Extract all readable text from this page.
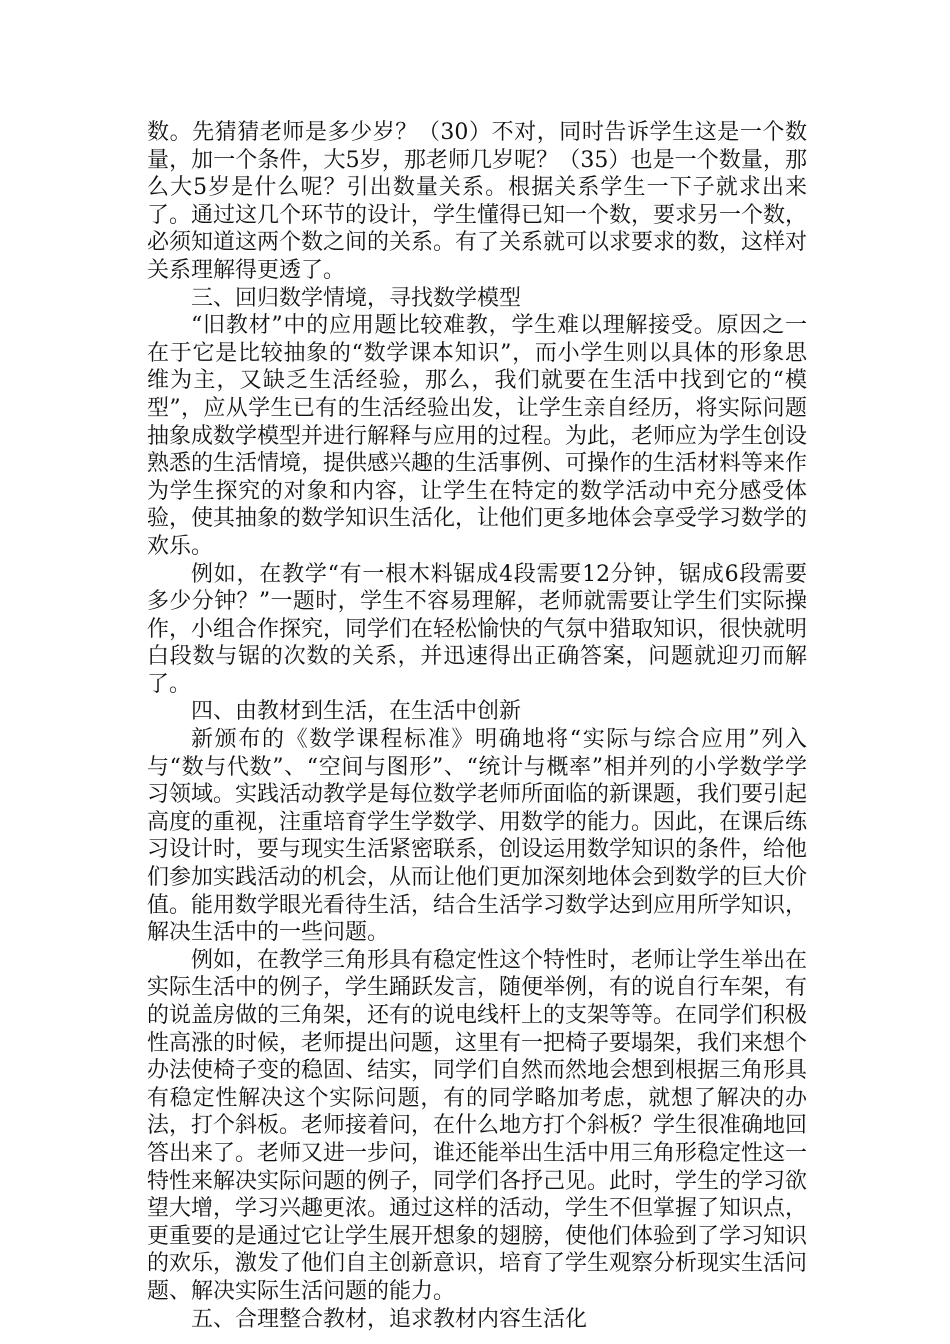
数。先猜猜老师是多少岁？（30）不对，同时告诉学生这是一个数量，加一个条件，大5岁，那老师几岁呢？（35）也是一个数量，那么大5岁是什么呢？引出数量关系。根据关系学生一下子就求出来了。通过这几个环节的设计，学生懂得已知一个数，要求另一个数，必须知道这两个数之间的关系。有了关系就可以求要求的数，这样对关系理解得更透了。

三、回归数学情境，寻找数学模型

“旧教材”中的应用题比较难教，学生难以理解接受。原因之一在于它是比较抽象的“数学课本知识”，而小学生则以具体的形象思维为主，又缺乏生活经验，那么，我们就要在生活中找到它的“模型”，应从学生已有的生活经验出发，让学生亲自经历，将实际问题抽象成数学模型并进行解释与应用的过程。为此，老师应为学生创设熟悉的生活情境，提供感兴趣的生活事例、可操作的生活材料等来作为学生探究的对象和内容，让学生在特定的数学活动中充分感受体验，使其抽象的数学知识生活化，让他们更多地体会享受学习数学的欢乐。

例如，在教学“有一根木料锯成4段需要12分钟，锯成6段需要多少分钟？”一题时，学生不容易理解，老师就需要让学生们实际操作，小组合作探究，同学们在轻松愉快的气氛中猎取知识，很快就明白段数与锯的次数的关系，并迅速得出正确答案，问题就迎刃而解了。

四、由教材到生活，在生活中创新

新颁布的《数学课程标准》明确地将“实际与综合应用”列入与“数与代数”、“空间与图形”、“统计与概率”相并列的小学数学学习领域。实践活动教学是每位数学老师所面临的新课题，我们要引起高度的重视，注重培育学生学数学、用数学的能力。因此，在课后练习设计时，要与现实生活紧密联系，创设运用数学知识的条件，给他们参加实践活动的机会，从而让他们更加深刻地体会到数学的巨大价值。能用数学眼光看待生活，结合生活学习数学达到应用所学知识，解决生活中的一些问题。

例如，在教学三角形具有稳定性这个特性时，老师让学生举出在实际生活中的例子，学生踊跃发言，随便举例，有的说自行车架，有的说盖房做的三角架，还有的说电线杆上的支架等等。在同学们积极性高涨的时候，老师提出问题，这里有一把椅子要塌架，我们来想个办法使椅子变的稳固、结实，同学们自然而然地会想到根据三角形具有稳定性解决这个实际问题，有的同学略加考虑，就想了解决的办法，打个斜板。老师接着问，在什么地方打个斜板？学生很准确地回答出来了。老师又进一步问，谁还能举出生活中用三角形稳定性这一特性来解决实际问题的例子，同学们各抒己见。此时，学生的学习欲望大增，学习兴趣更浓。通过这样的活动，学生不但掌握了知识点，更重要的是通过它让学生展开想象的翅膀，使他们体验到了学习知识的欢乐，激发了他们自主创新意识，培育了学生观察分析现实生活问题、解决实际生活问题的能力。

五、合理整合教材，追求教材内容生活化
